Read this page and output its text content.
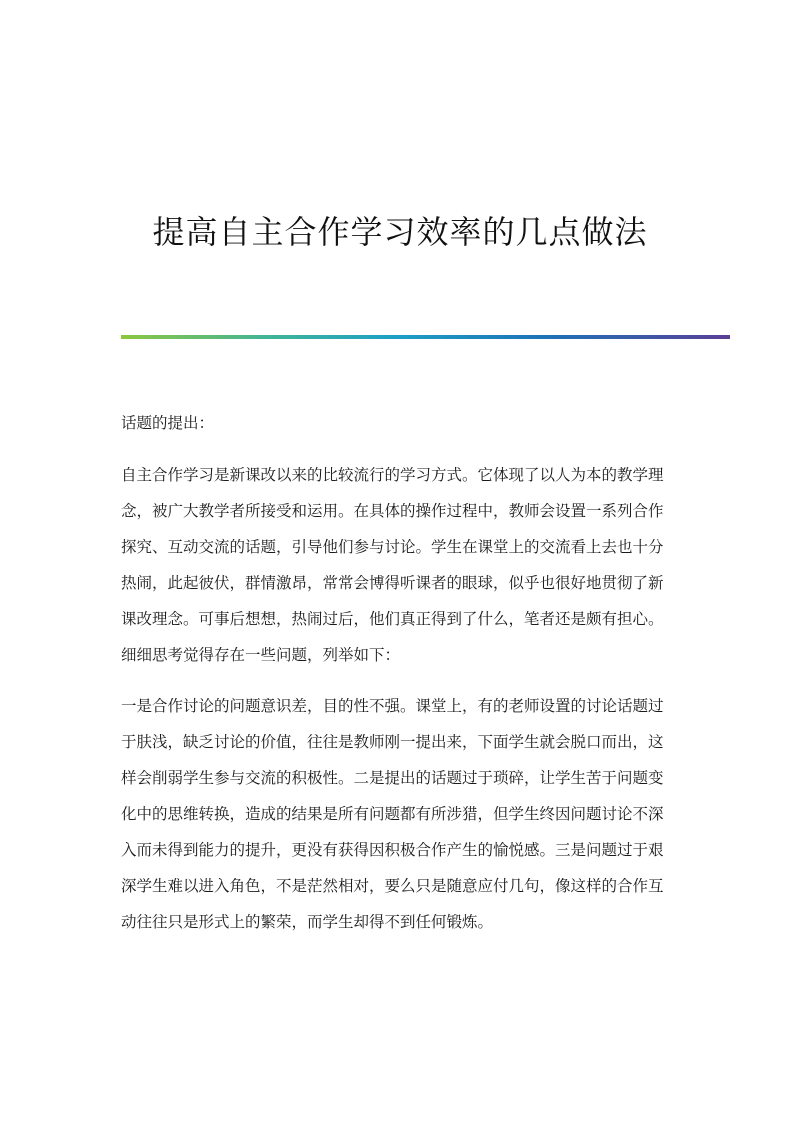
提高自主合作学习效率的几点做法

话题的提出：

自主合作学习是新课改以来的比较流行的学习方式。它体现了以人为本的教学理念，被广大教学者所接受和运用。在具体的操作过程中，教师会设置一系列合作探究、互动交流的话题，引导他们参与讨论。学生在课堂上的交流看上去也十分热闹，此起彼伏，群情激昂，常常会博得听课者的眼球，似乎也很好地贯彻了新课改理念。可事后想想，热闹过后，他们真正得到了什么，笔者还是颇有担心。细细思考觉得存在一些问题，列举如下：

一是合作讨论的问题意识差，目的性不强。课堂上，有的老师设置的讨论话题过于肤浅，缺乏讨论的价值，往往是教师刚一提出来，下面学生就会脱口而出，这样会削弱学生参与交流的积极性。二是提出的话题过于琐碎，让学生苦于问题变化中的思维转换，造成的结果是所有问题都有所涉猎，但学生终因问题讨论不深入而未得到能力的提升，更没有获得因积极合作产生的愉悦感。三是问题过于艰深学生难以进入角色，不是茫然相对，要么只是随意应付几句，像这样的合作互动往往只是形式上的繁荣，而学生却得不到任何锻炼。
